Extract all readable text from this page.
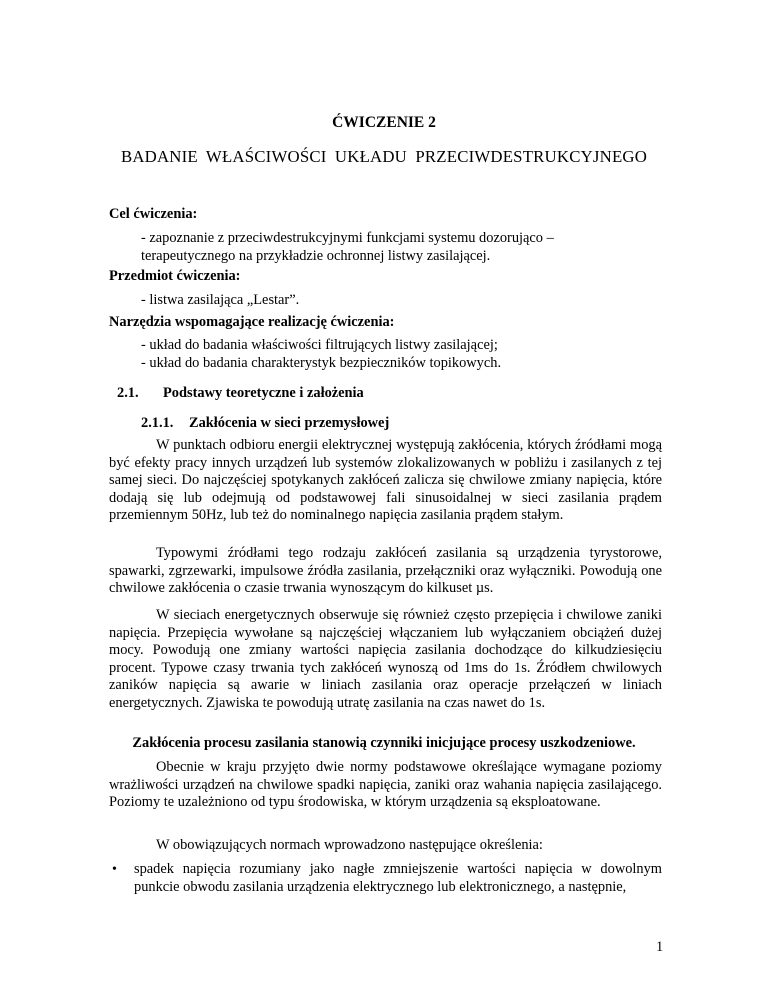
ĆWICZENIE 2
BADANIE WŁAŚCIWOŚCI UKŁADU PRZECIWDESTRUKCYJNEGO
Cel ćwiczenia:
- zapoznanie z przeciwdestrukcyjnymi funkcjami systemu dozorująco –
terapeutycznego na przykładzie ochronnej listwy zasilającej.
Przedmiot ćwiczenia:
- listwa zasilająca „Lestar”.
Narzędzia wspomagające realizację ćwiczenia:
- układ do badania właściwości filtrujących listwy zasilającej;
- układ do badania charakterystyk bezpieczników topikowych.
2.1. Podstawy teoretyczne i założenia
2.1.1. Zakłócenia w sieci przemysłowej
W punktach odbioru energii elektrycznej występują zakłócenia, których źródłami mogą być efekty pracy innych urządzeń lub systemów zlokalizowanych w pobliżu i zasilanych z tej samej sieci. Do najczęściej spotykanych zakłóceń zalicza się chwilowe zmiany napięcia, które dodają się lub odejmują od podstawowej fali sinusoidalnej w sieci zasilania prądem przemiennym 50Hz, lub też do nominalnego napięcia zasilania prądem stałym.
Typowymi źródłami tego rodzaju zakłóceń zasilania są urządzenia tyrystorowe, spawarki, zgrzewarki, impulsowe źródła zasilania, przełączniki oraz wyłączniki. Powodują one chwilowe zakłócenia o czasie trwania wynoszącym do kilkuset µs.
W sieciach energetycznych obserwuje się również często przepięcia i chwilowe zaniki napięcia. Przepięcia wywołane są najczęściej włączaniem lub wyłączaniem obciążeń dużej mocy. Powodują one zmiany wartości napięcia zasilania dochodzące do kilkudziesięciu procent. Typowe czasy trwania tych zakłóceń wynoszą od 1ms do 1s. Źródłem chwilowych zaników napięcia są awarie w liniach zasilania oraz operacje przełączeń w liniach energetycznych. Zjawiska te powodują utratę zasilania na czas nawet do 1s.
Zakłócenia procesu zasilania stanowią czynniki inicjujące procesy uszkodzeniowe.
Obecnie w kraju przyjęto dwie normy podstawowe określające wymagane poziomy wrażliwości urządzeń na chwilowe spadki napięcia, zaniki oraz wahania napięcia zasilającego. Poziomy te uzależniono od typu środowiska, w którym urządzenia są eksploatowane.
W obowiązujących normach wprowadzono następujące określenia:
• spadek napięcia rozumiany jako nagłe zmniejszenie wartości napięcia w dowolnym punkcie obwodu zasilania urządzenia elektrycznego lub elektronicznego, a następnie,
1
